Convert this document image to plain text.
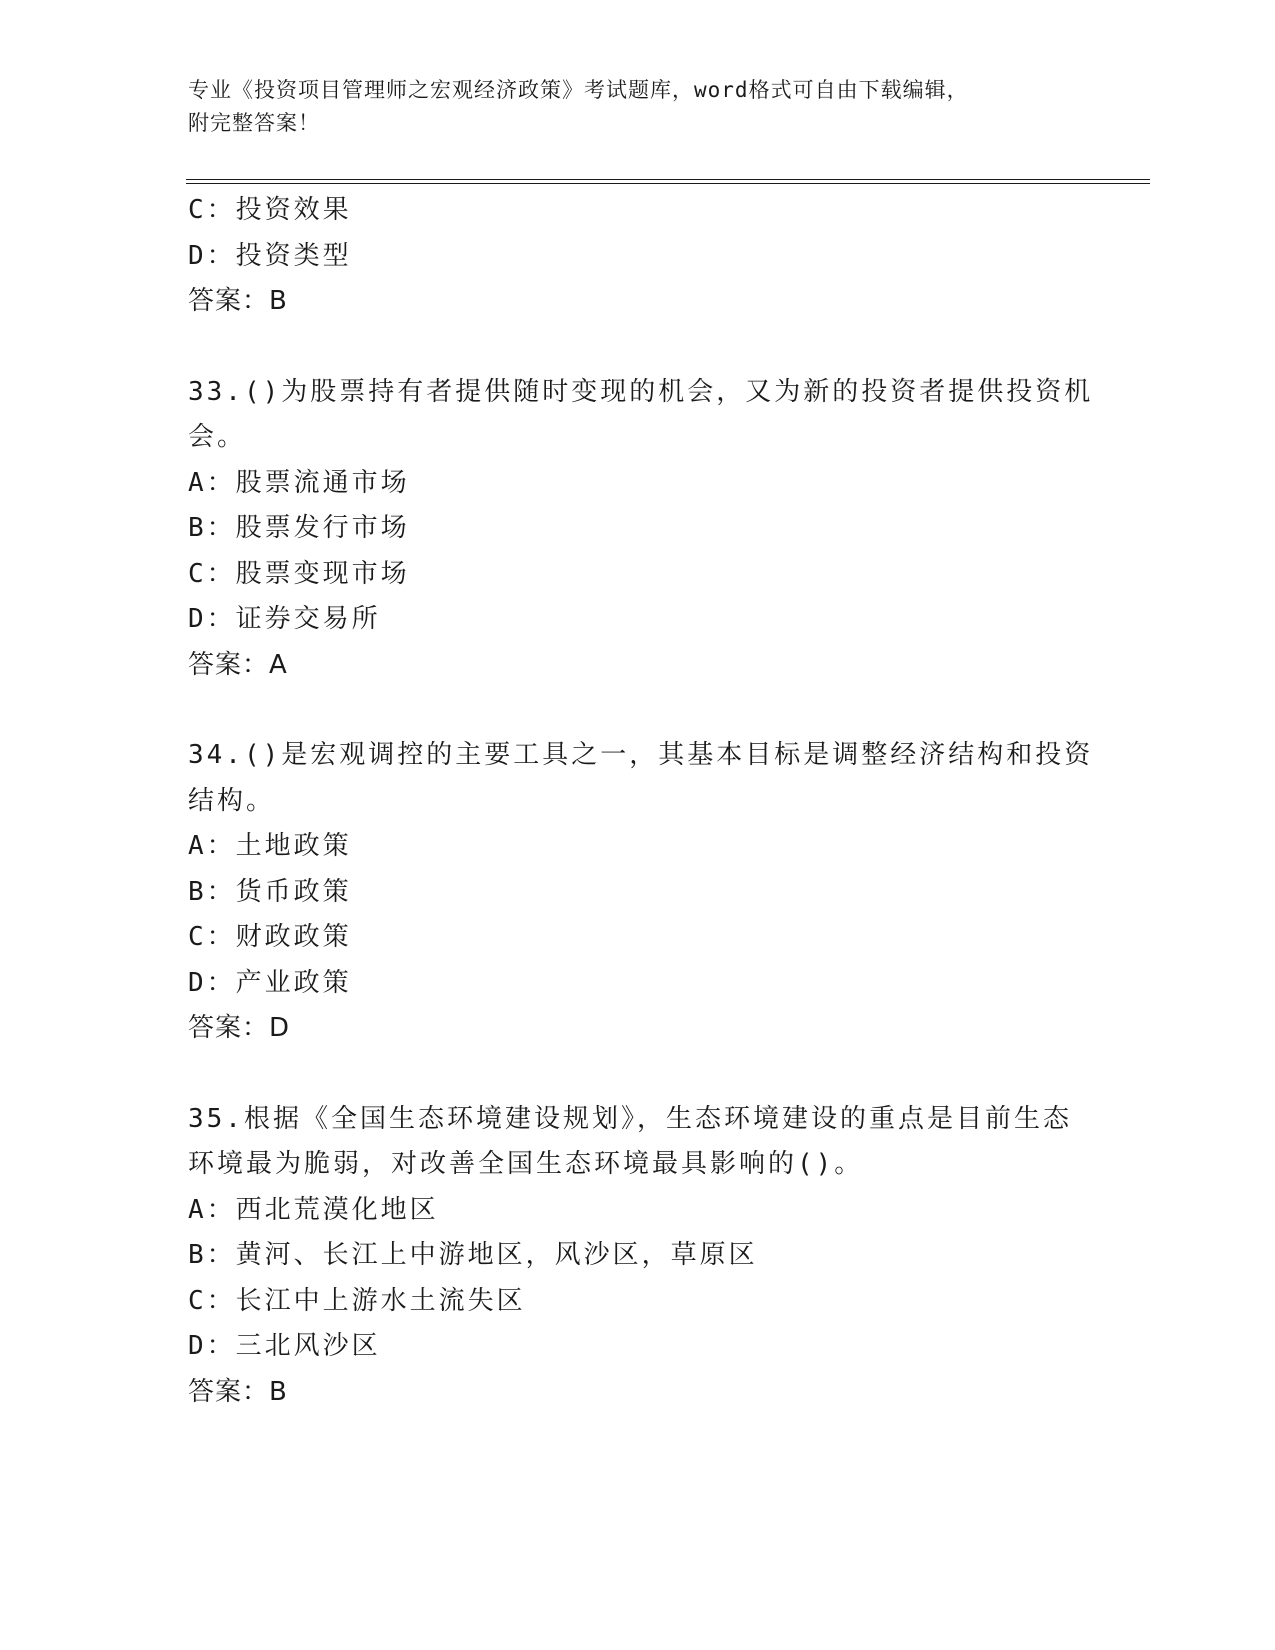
专业《投资项目管理师之宏观经济政策》考试题库，word格式可自由下载编辑，
附完整答案！
C：投资效果
D：投资类型
答案：B
33.()为股票持有者提供随时变现的机会，又为新的投资者提供投资机
会。
A：股票流通市场
B：股票发行市场
C：股票变现市场
D：证券交易所
答案：A
34.()是宏观调控的主要工具之一，其基本目标是调整经济结构和投资
结构。
A：土地政策
B：货币政策
C：财政政策
D：产业政策
答案：D
35.根据《全国生态环境建设规划》，生态环境建设的重点是目前生态
环境最为脆弱，对改善全国生态环境最具影响的()。
A：西北荒漠化地区
B：黄河、长江上中游地区，风沙区，草原区
C：长江中上游水土流失区
D：三北风沙区
答案：B
